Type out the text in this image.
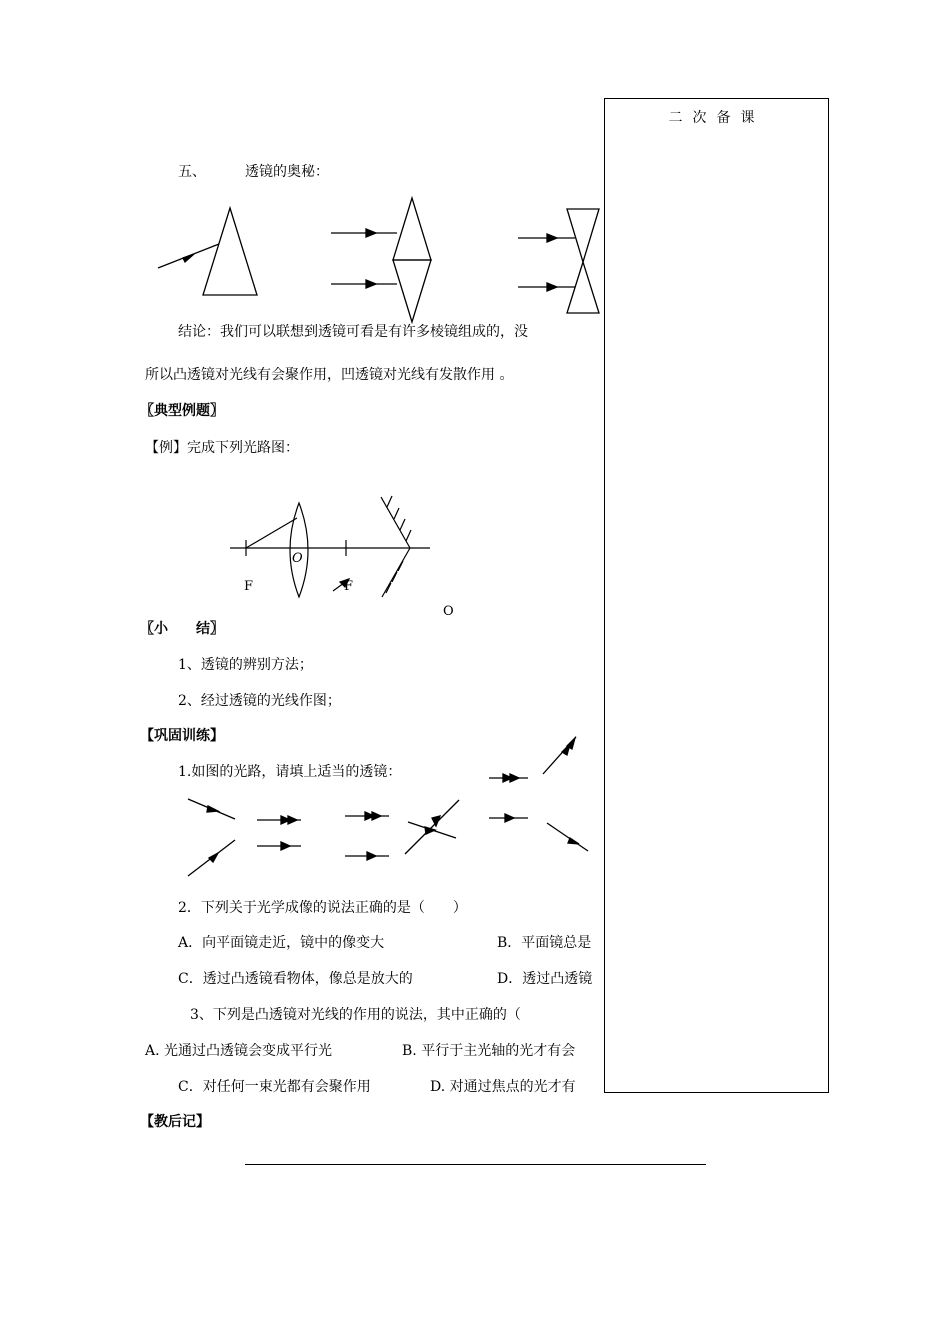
二次备课
五、	透镜的奥秘：
结论：我们可以联想到透镜可看是有许多棱镜组成的，没
所以凸透镜对光线有会聚作用，凹透镜对光线有发散作用 。
〖典型例题〗
【例】完成下列光路图：
F
O
F
O
〖小　　结〗
1、透镜的辨别方法；
2、经过透镜的光线作图；
【巩固训练】
1.如图的光路，请填上适当的透镜：
2．下列关于光学成像的说法正确的是（　　）
A．向平面镜走近，镜中的像变大	B．平面镜总是
C．透过凸透镜看物体，像总是放大的	D．透过凸透镜
3、下列是凸透镜对光线的作用的说法，其中正确的（
A. 光通过凸透镜会变成平行光	B. 平行于主光轴的光才有会
C．对任何一束光都有会聚作用	D. 对通过焦点的光才有
【教后记】
